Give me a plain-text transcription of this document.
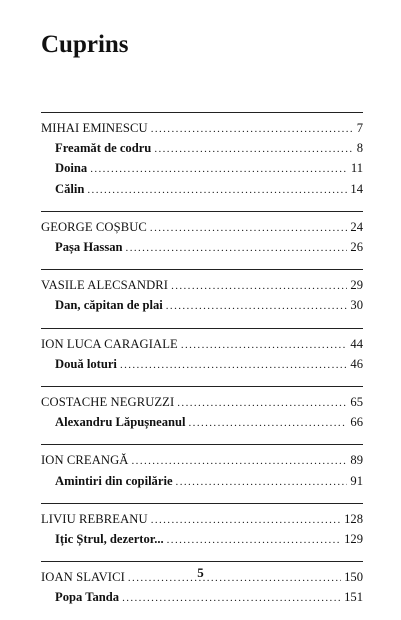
Cuprins
MIHAI EMINESCU .....	7
Freamăt de codru .....	8
Doina .....	11
Călin .....	14
GEORGE COȘBUC .....	24
Pașa Hassan .....	26
VASILE ALECSANDRI .....	29
Dan, căpitan de plai .....	30
ION LUCA CARAGIALE .....	44
Două loturi .....	46
COSTACHE NEGRUZZI .....	65
Alexandru Lăpușneanul .....	66
ION CREANGĂ .....	89
Amintiri din copilărie .....	91
LIVIU REBREANU .....	128
Ițic Ștrul, dezertor... .....	129
IOAN SLAVICI .....	150
Popa Tanda .....	151
5
